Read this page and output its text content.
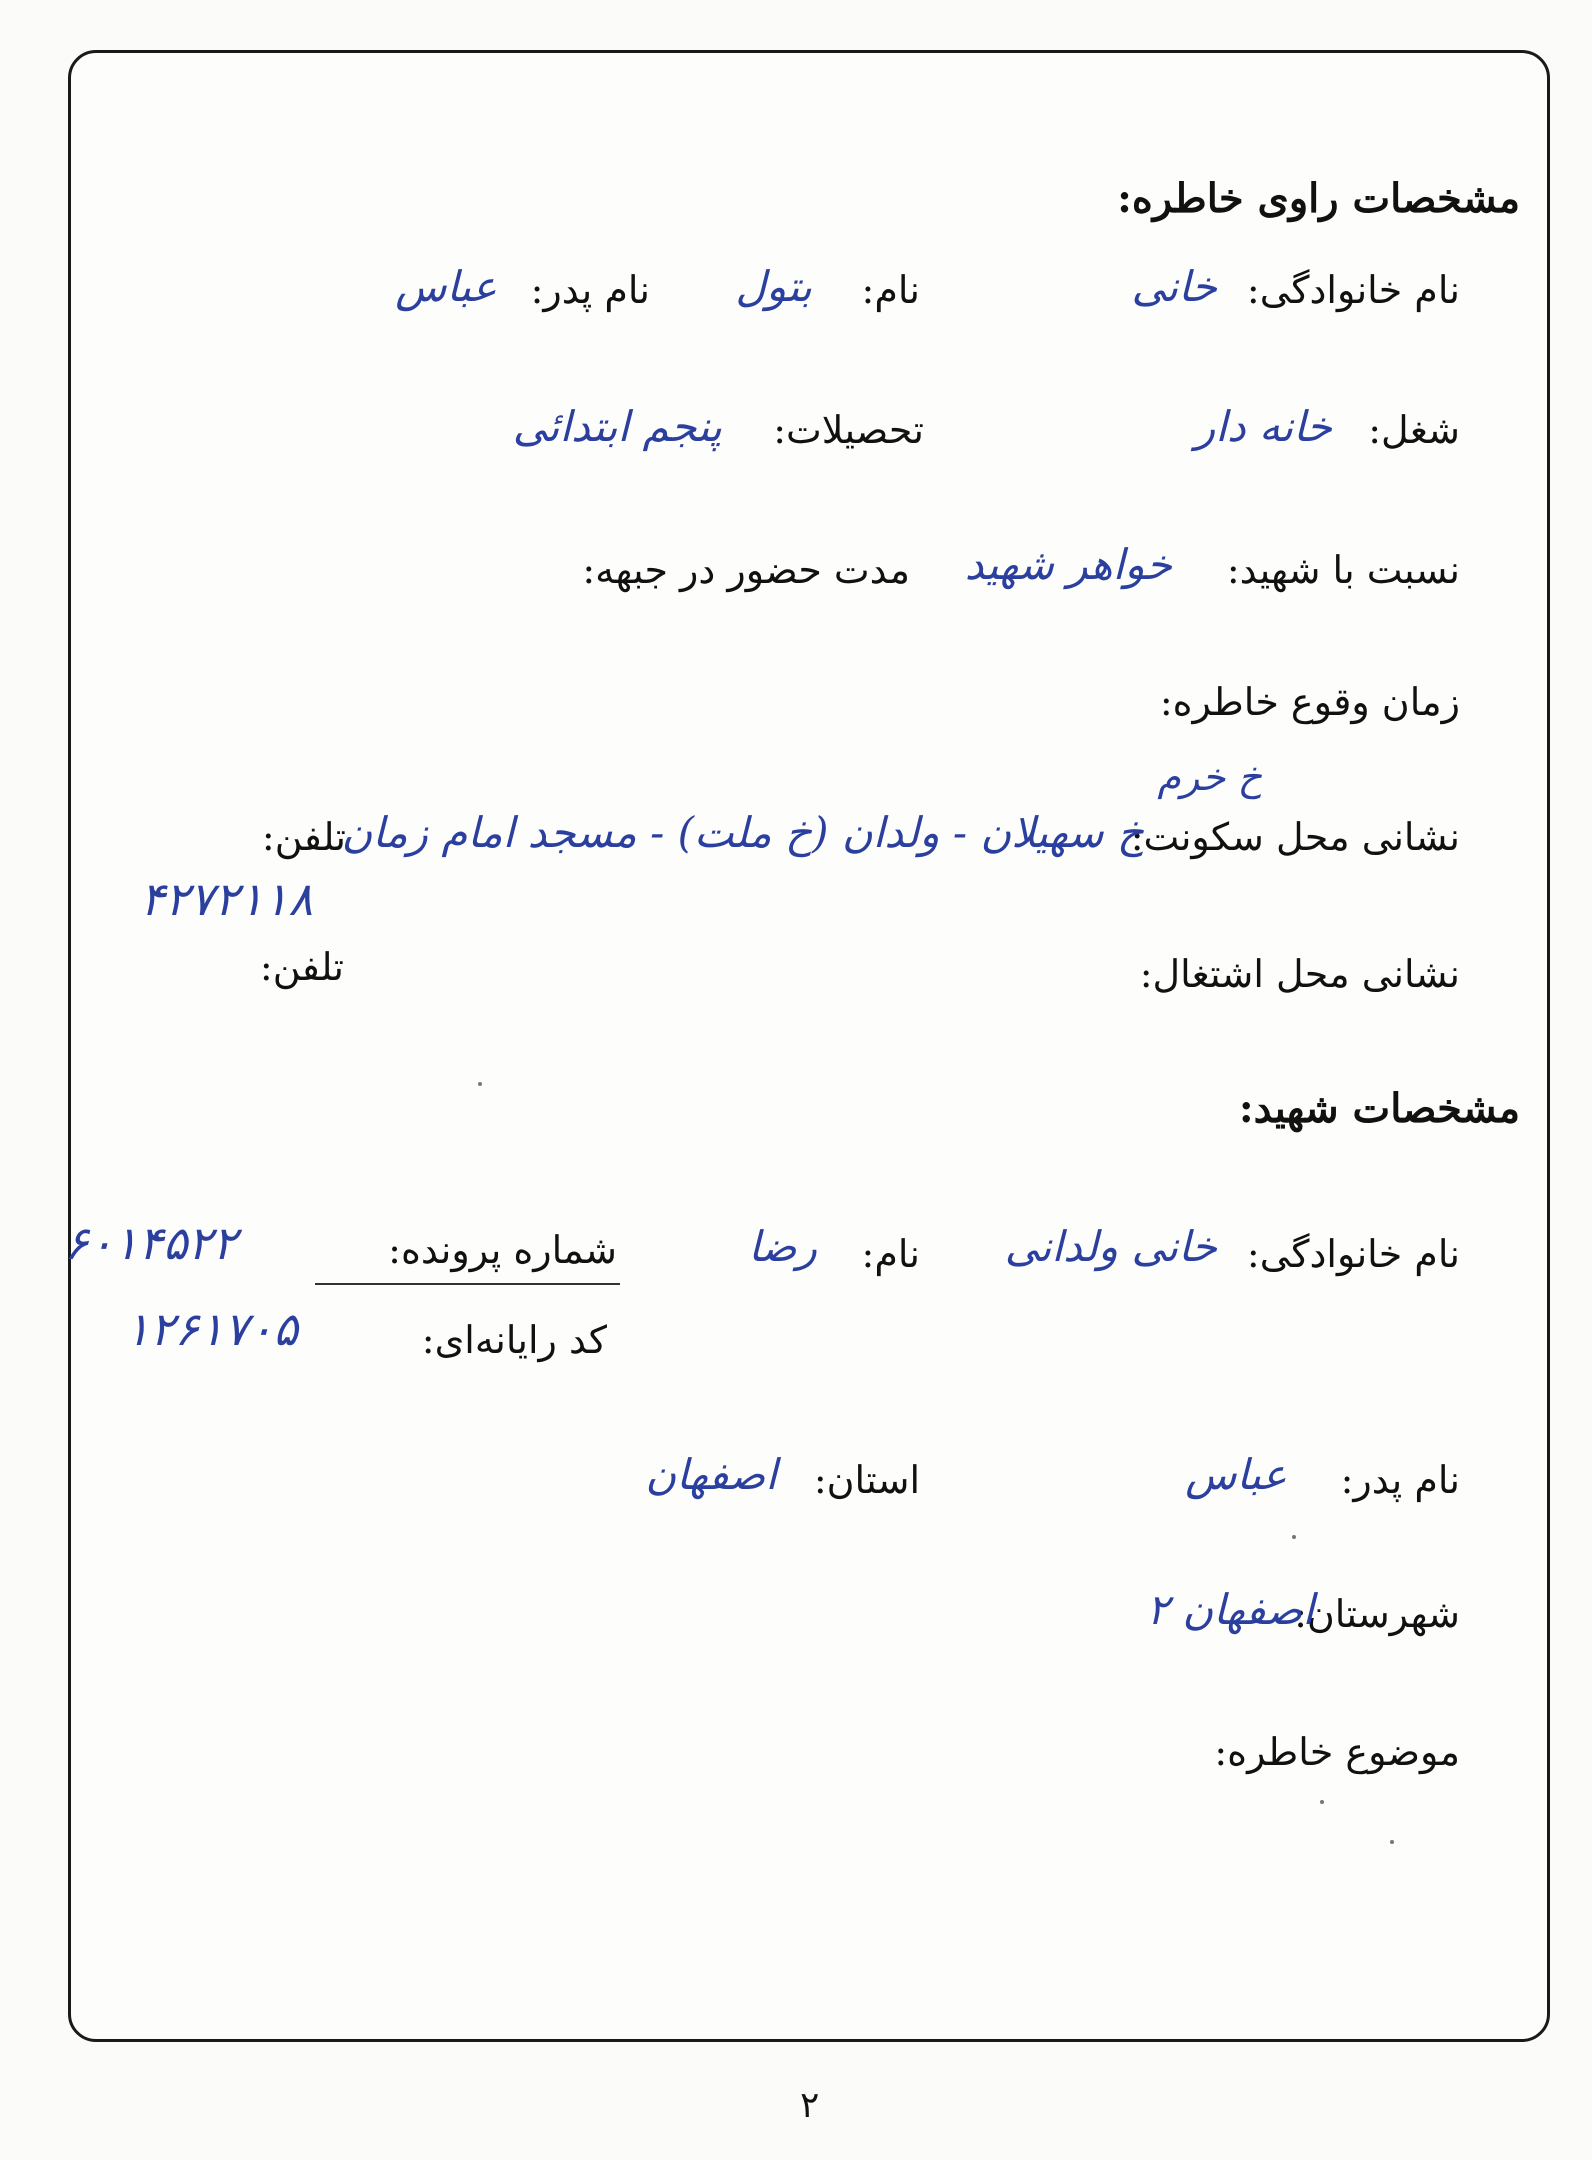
مشخصات راوی خاطره:
نام خانوادگی:
خانی
نام:
بتول
نام پدر:
عباس
شغل:
خانه دار
تحصیلات:
پنجم ابتدائی
نسبت با شهید:
خواهر شهید
مدت حضور در جبهه:
زمان وقوع خاطره:
خ خرم
نشانی محل سکونت:
خ سهیلان - ولدان (خ ملت) - مسجد امام زمان
تلفن:
۴۲۷۲۱۱۸
نشانی محل اشتغال:
تلفن:
مشخصات شهید:
نام خانوادگی:
خانی ولدانی
نام:
رضا
شماره پرونده:
۶۰۱۴۵۲۲
کد رایانه‌ای:
۱۲۶۱۷۰۵
نام پدر:
عباس
استان:
اصفهان
شهرستان:
اصفهان ۲
موضوع خاطره:
۲
